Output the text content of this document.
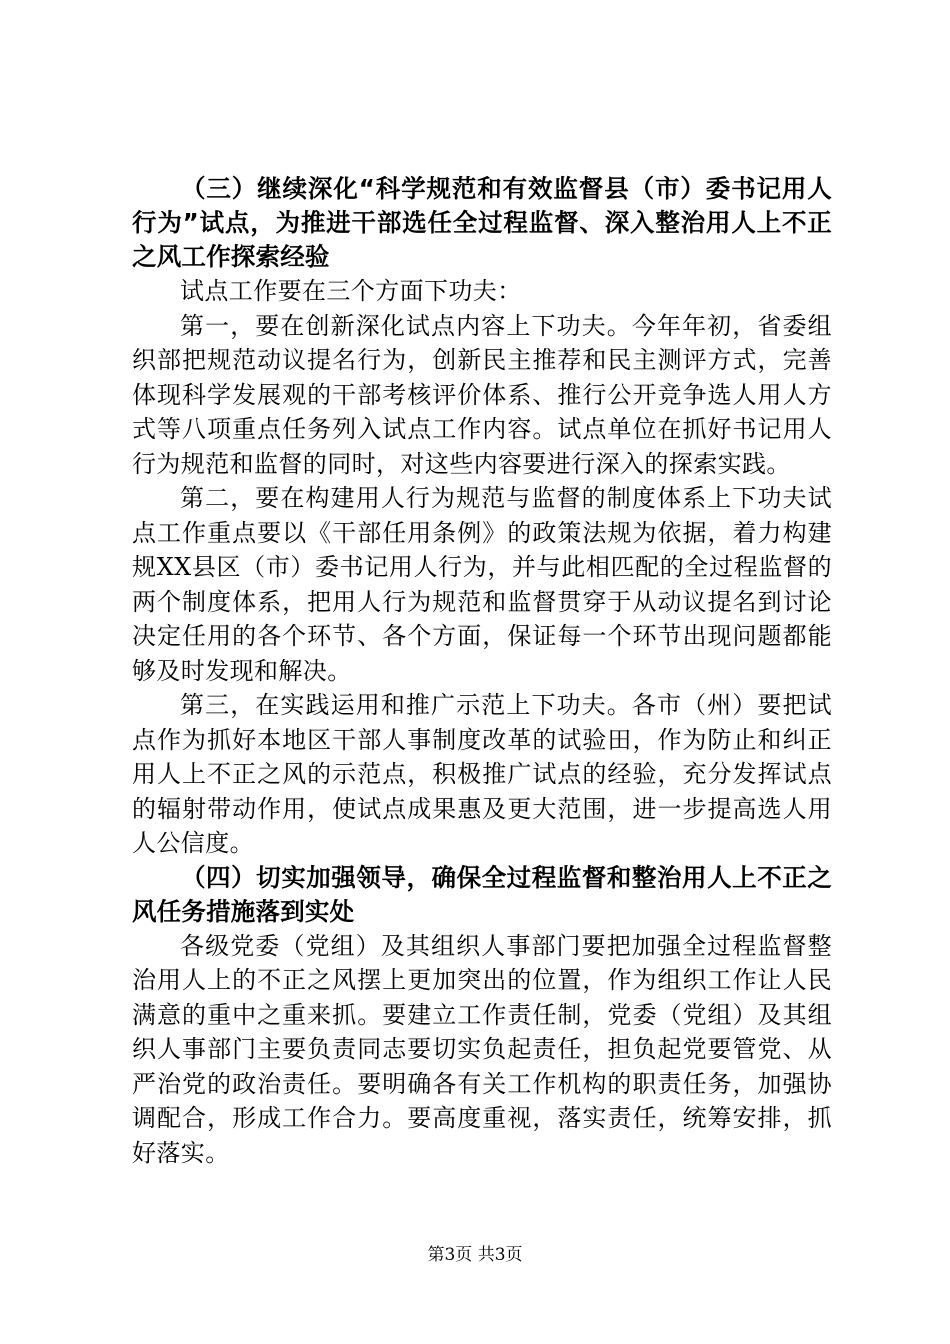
（三）继续深化“科学规范和有效监督县（市）委书记用人行为”试点，为推进干部选任全过程监督、深入整治用人上不正之风工作探索经验

试点工作要在三个方面下功夫：

第一，要在创新深化试点内容上下功夫。今年年初，省委组织部把规范动议提名行为，创新民主推荐和民主测评方式，完善体现科学发展观的干部考核评价体系、推行公开竞争选人用人方式等八项重点任务列入试点工作内容。试点单位在抓好书记用人行为规范和监督的同时，对这些内容要进行深入的探索实践。

第二，要在构建用人行为规范与监督的制度体系上下功夫试点工作重点要以《干部任用条例》的政策法规为依据，着力构建规XX县区（市）委书记用人行为，并与此相匹配的全过程监督的两个制度体系，把用人行为规范和监督贯穿于从动议提名到讨论决定任用的各个环节、各个方面，保证每一个环节出现问题都能够及时发现和解决。

第三，在实践运用和推广示范上下功夫。各市（州）要把试点作为抓好本地区干部人事制度改革的试验田，作为防止和纠正用人上不正之风的示范点，积极推广试点的经验，充分发挥试点的辐射带动作用，使试点成果惠及更大范围，进一步提高选人用人公信度。

（四）切实加强领导，确保全过程监督和整治用人上不正之风任务措施落到实处

各级党委（党组）及其组织人事部门要把加强全过程监督整治用人上的不正之风摆上更加突出的位置，作为组织工作让人民满意的重中之重来抓。要建立工作责任制，党委（党组）及其组织人事部门主要负责同志要切实负起责任，担负起党要管党、从严治党的政治责任。要明确各有关工作机构的职责任务，加强协调配合，形成工作合力。要高度重视，落实责任，统筹安排，抓好落实。

第3页 共3页
